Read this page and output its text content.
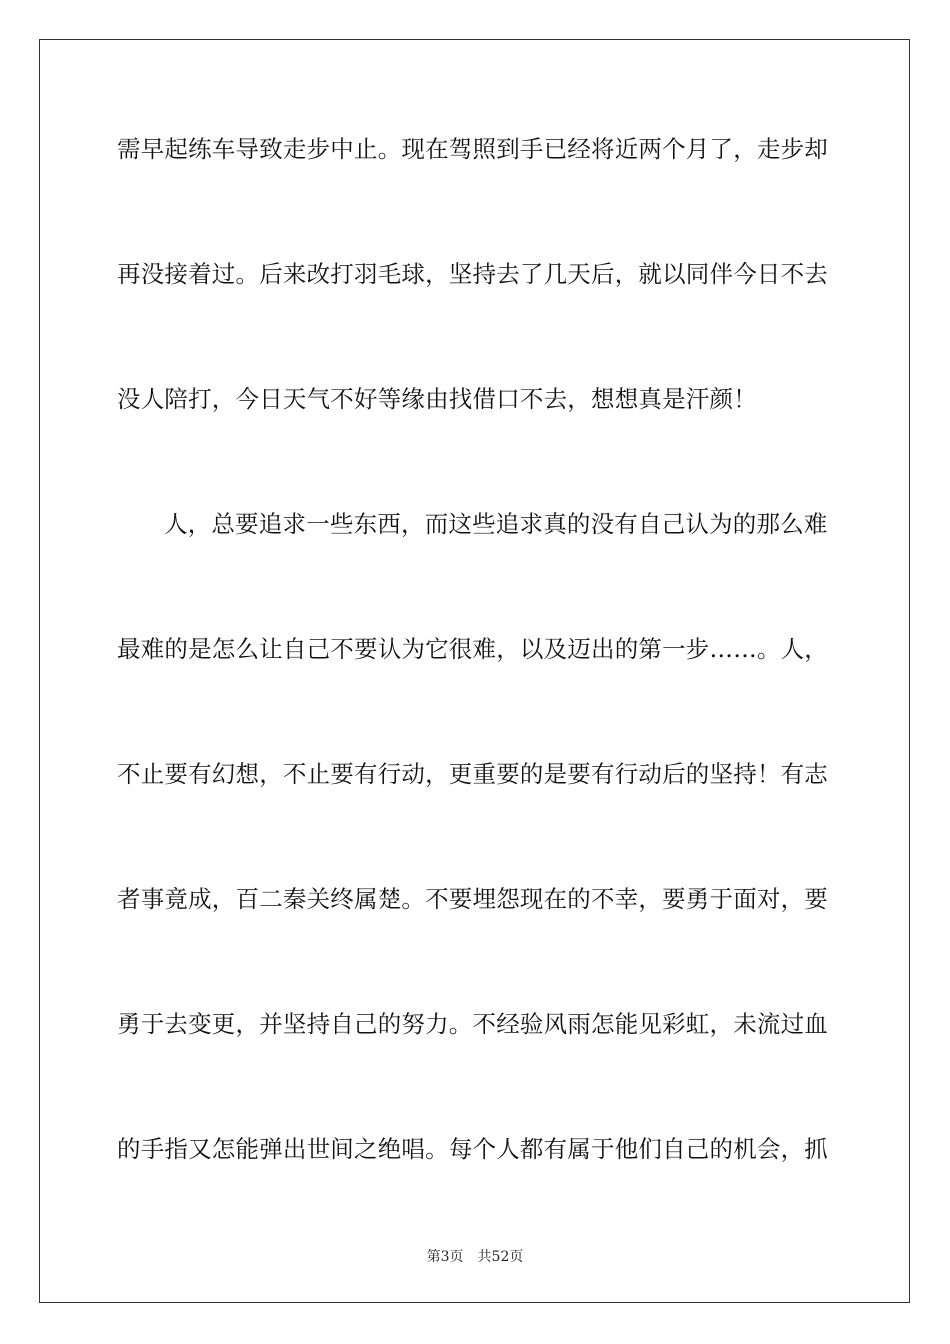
需早起练车导致走步中止。现在驾照到手已经将近两个月了，走步却
再没接着过。后来改打羽毛球，坚持去了几天后，就以同伴今日不去
没人陪打，今日天气不好等缘由找借口不去，想想真是汗颜！
人，总要追求一些东西，而这些追求真的没有自己认为的那么难
最难的是怎么让自己不要认为它很难，以及迈出的第一步……。人，
不止要有幻想，不止要有行动，更重要的是要有行动后的坚持！有志
者事竟成，百二秦关终属楚。不要埋怨现在的不幸，要勇于面对，要
勇于去变更，并坚持自己的努力。不经验风雨怎能见彩虹，未流过血
的手指又怎能弹出世间之绝唱。每个人都有属于他们自己的机会，抓
第3页 共52页
